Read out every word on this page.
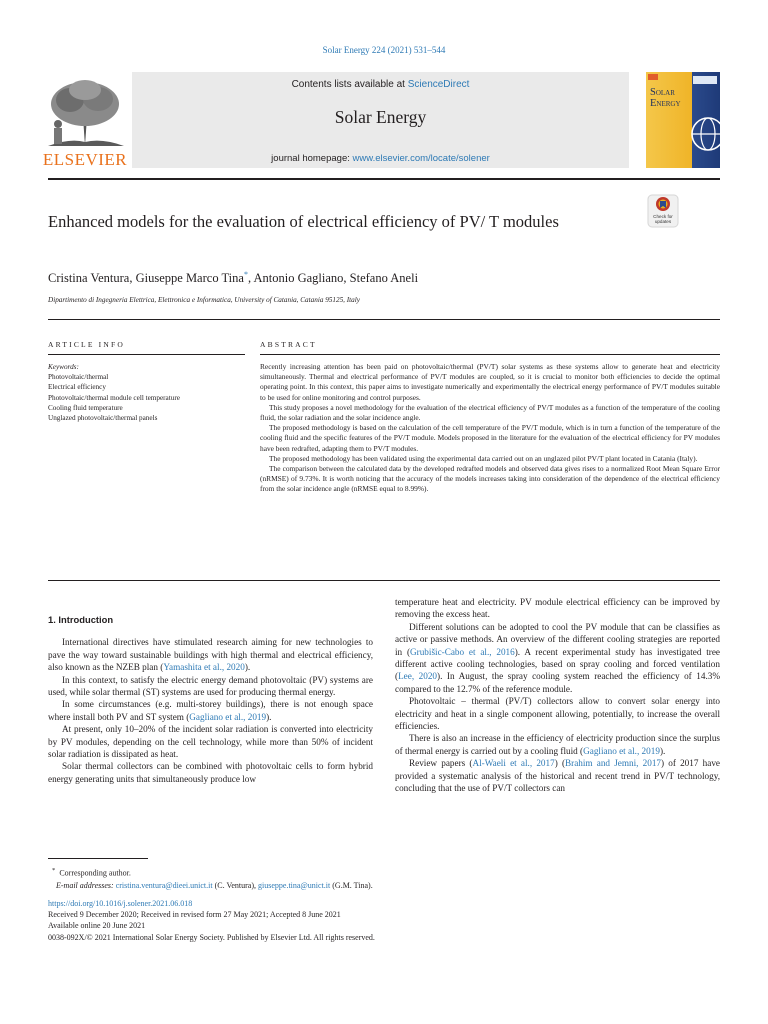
Solar Energy 224 (2021) 531–544
ELSEVIER
Contents lists available at ScienceDirect
Solar Energy
journal homepage: www.elsevier.com/locate/solener
Solar
Energy
Enhanced models for the evaluation of electrical efficiency of PV/ T modules	Check for
updates
Cristina Ventura, Giuseppe Marco Tina*, Antonio Gagliano, Stefano Aneli
Dipartimento di Ingegneria Elettrica, Elettronica e Informatica, University of Catania, Catania 95125, Italy
ARTICLE INFO	ABSTRACT
Keywords:
Photovoltaic/thermal
Electrical efficiency
Photovoltaic/thermal module cell temperature
Cooling fluid temperature
Unglazed photovoltaic/thermal panels

Recently increasing attention has been paid on photovoltaic/thermal (PV/T) solar systems as these systems allow to generate heat and electricity simultaneously. Thermal and electrical performance of PV/T modules are coupled, so it is crucial to monitor both efficiencies to decide the optimal operating point. In this context, this paper aims to investigate numerically and experimentally the electrical energy performance of PV/T modules suitable to be used for online monitoring and control purposes.

This study proposes a novel methodology for the evaluation of the electrical efficiency of PV/T modules as a function of the temperature of the cooling fluid, the solar radiation and the solar incidence angle.

The proposed methodology is based on the calculation of the cell temperature of the PV/T module, which is in turn a function of the temperature of the cooling fluid and the specific features of the PV/T module. Models proposed in the literature for the evaluation of the electrical efficiency for PV modules have been redrafted, adapting them to PV/T modules.

The proposed methodology has been validated using the experimental data carried out on an unglazed pilot PV/T plant located in Catania (Italy).

The comparison between the calculated data by the developed redrafted models and observed data gives rises to a normalized Root Mean Square Error (nRMSE) of 9.73%. It is worth noticing that the accuracy of the models increases taking into consideration of the dependence of the electrical efficiency from the solar incidence angle (nRMSE equal to 8.99%).

1. Introduction

International directives have stimulated research aiming for new technologies to pave the way toward sustainable buildings with high thermal and electrical efficiency, also known as the NZEB plan (Yamashita et al., 2020).

In this context, to satisfy the electric energy demand photovoltaic (PV) systems are used, while solar thermal (ST) systems are used for producing thermal energy.

In some circumstances (e.g. multi-storey buildings), there is not enough space where install both PV and ST system (Gagliano et al., 2019).

At present, only 10–20% of the incident solar radiation is converted into electricity by PV modules, depending on the cell technology, while more than 50% of incident solar radiation is dissipated as heat.

Solar thermal collectors can be combined with photovoltaic cells to form hybrid energy generating units that simultaneously produce low

temperature heat and electricity. PV module electrical efficiency can be improved by removing the excess heat.

Different solutions can be adopted to cool the PV module that can be classifies as active or passive methods. An overview of the different cooling strategies are reported in (Grubišic-Cabo et al., 2016). A recent experimental study has investigated tree different active cooling technologies, based on spray cooling and forced ventilation (Lee, 2020). In August, the spray cooling system reached the efficiency of 14.3% compared to the 12.7% of the reference module.

Photovoltaic – thermal (PV/T) collectors allow to convert solar energy into electricity and heat in a single component allowing, potentially, to increase the overall efficiencies.

There is also an increase in the efficiency of electricity production since the surplus of thermal energy is carried out by a cooling fluid (Gagliano et al., 2019).

Review papers (Al-Waeli et al., 2017) (Brahim and Jemni, 2017) of 2017 have provided a systematic analysis of the historical and recent trend in PV/T technology, concluding that the use of PV/T collectors can

* Corresponding author.
E-mail addresses: cristina.ventura@dieei.unict.it (C. Ventura), giuseppe.tina@unict.it (G.M. Tina).
https://doi.org/10.1016/j.solener.2021.06.018
Received 9 December 2020; Received in revised form 27 May 2021; Accepted 8 June 2021
Available online 20 June 2021
0038-092X/© 2021 International Solar Energy Society. Published by Elsevier Ltd. All rights reserved.
